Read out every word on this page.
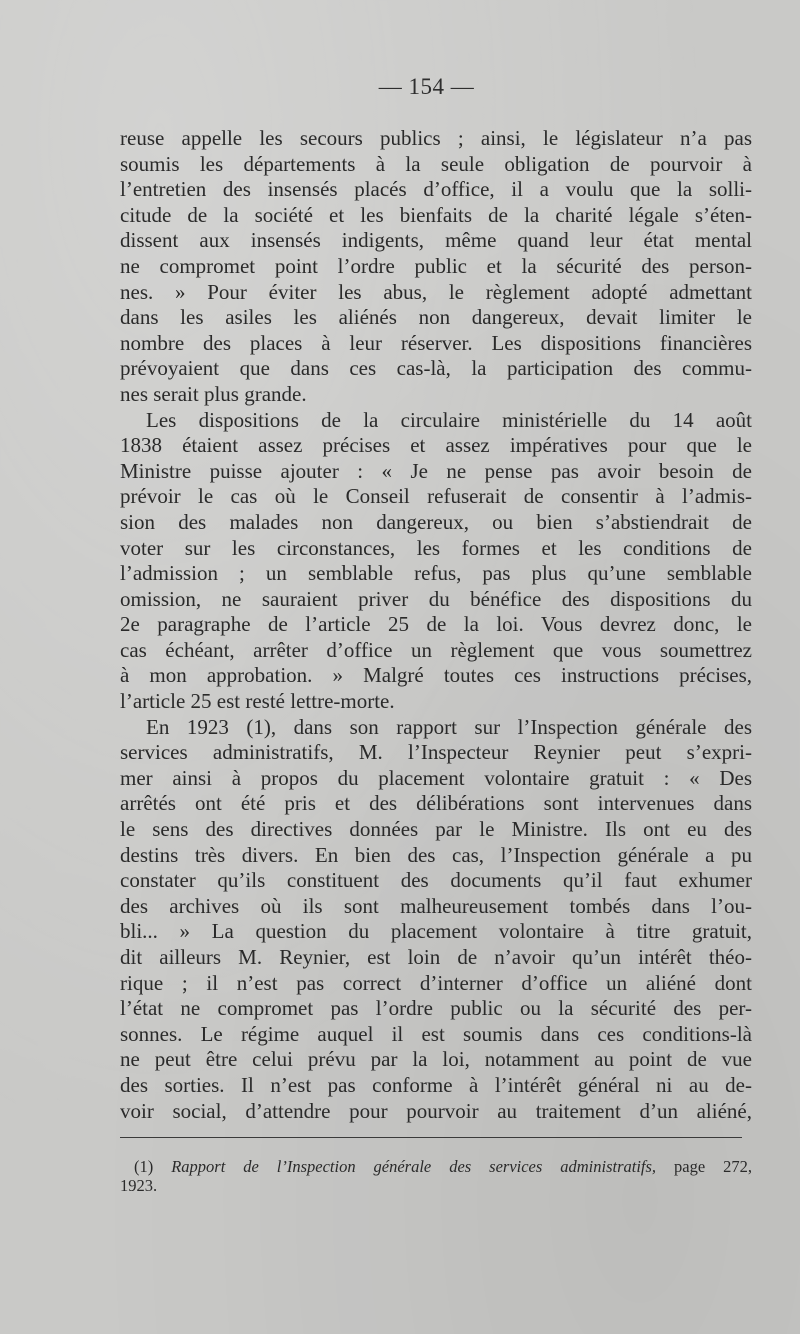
— 154 —
reuse appelle les secours publics ; ainsi, le législateur n’a pas
soumis les départements à la seule obligation de pourvoir à
l’entretien des insensés placés d’office, il a voulu que la solli-
citude de la société et les bienfaits de la charité légale s’éten-
dissent aux insensés indigents, même quand leur état mental
ne compromet point l’ordre public et la sécurité des person-
nes. » Pour éviter les abus, le règlement adopté admettant
dans les asiles les aliénés non dangereux, devait limiter le
nombre des places à leur réserver. Les dispositions financières
prévoyaient que dans ces cas-là, la participation des commu-
nes serait plus grande.
Les dispositions de la circulaire ministérielle du 14 août
1838 étaient assez précises et assez impératives pour que le
Ministre puisse ajouter : « Je ne pense pas avoir besoin de
prévoir le cas où le Conseil refuserait de consentir à l’admis-
sion des malades non dangereux, ou bien s’abstiendrait de
voter sur les circonstances, les formes et les conditions de
l’admission ; un semblable refus, pas plus qu’une semblable
omission, ne sauraient priver du bénéfice des dispositions du
2e paragraphe de l’article 25 de la loi. Vous devrez donc, le
cas échéant, arrêter d’office un règlement que vous soumettrez
à mon approbation. » Malgré toutes ces instructions précises,
l’article 25 est resté lettre-morte.
En 1923 (1), dans son rapport sur l’Inspection générale des
services administratifs, M. l’Inspecteur Reynier peut s’expri-
mer ainsi à propos du placement volontaire gratuit : « Des
arrêtés ont été pris et des délibérations sont intervenues dans
le sens des directives données par le Ministre. Ils ont eu des
destins très divers. En bien des cas, l’Inspection générale a pu
constater qu’ils constituent des documents qu’il faut exhumer
des archives où ils sont malheureusement tombés dans l’ou-
bli... » La question du placement volontaire à titre gratuit,
dit ailleurs M. Reynier, est loin de n’avoir qu’un intérêt théo-
rique ; il n’est pas correct d’interner d’office un aliéné dont
l’état ne compromet pas l’ordre public ou la sécurité des per-
sonnes. Le régime auquel il est soumis dans ces conditions-là
ne peut être celui prévu par la loi, notamment au point de vue
des sorties. Il n’est pas conforme à l’intérêt général ni au de-
voir social, d’attendre pour pourvoir au traitement d’un aliéné,
(1) Rapport de l’Inspection générale des services administratifs, page 272,
1923.
